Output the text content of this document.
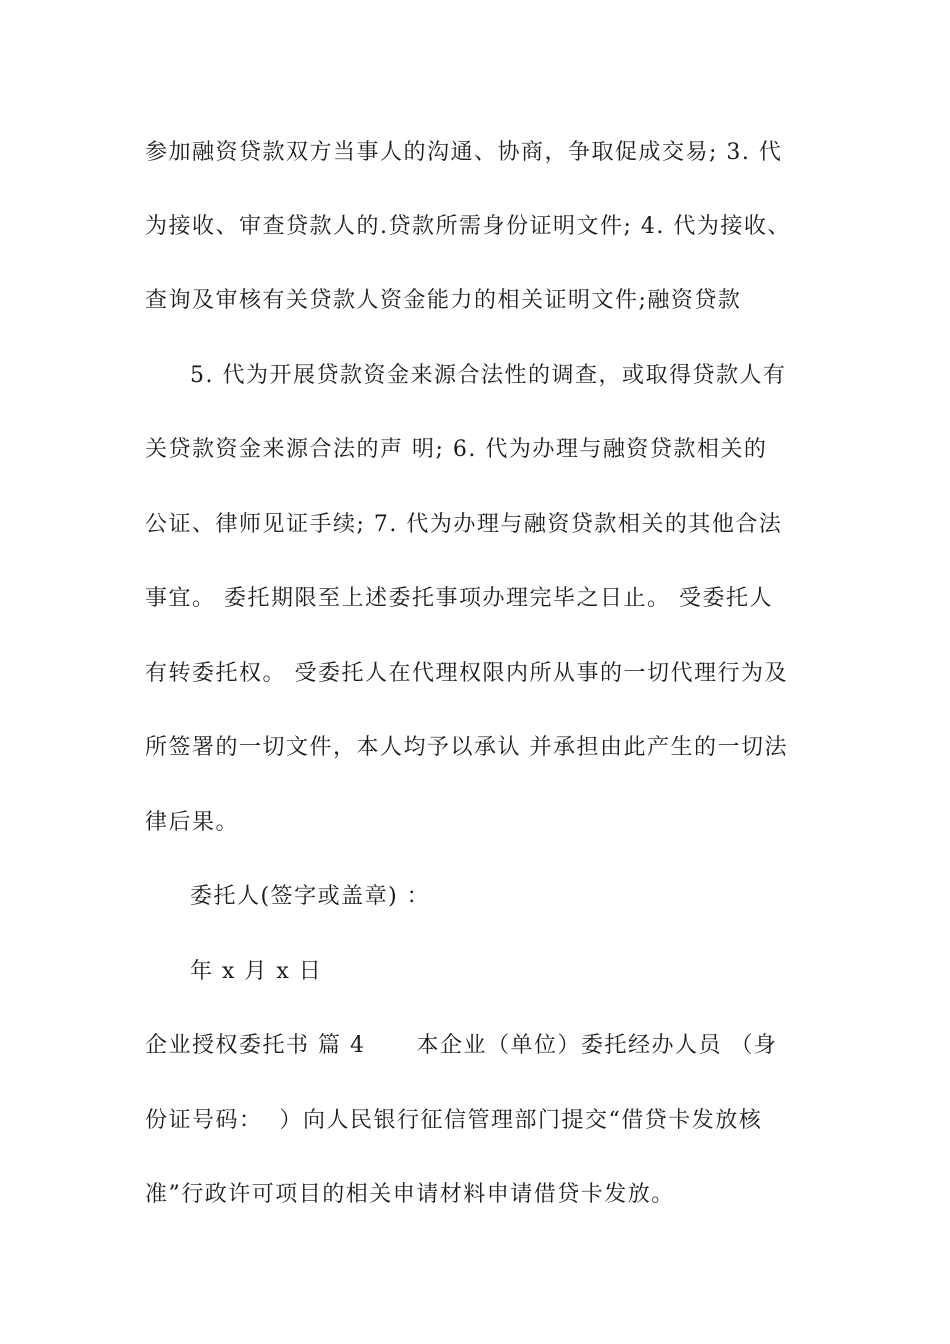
参加融资贷款双方当事人的沟通、协商，争取促成交易; 3. 代
为接收、审查贷款人的.贷款所需身份证明文件; 4. 代为接收、
查询及审核有关贷款人资金能力的相关证明文件;融资贷款
5. 代为开展贷款资金来源合法性的调查，或取得贷款人有
关贷款资金来源合法的声 明; 6. 代为办理与融资贷款相关的
公证、律师见证手续; 7. 代为办理与融资贷款相关的其他合法
事宜。 委托期限至上述委托事项办理完毕之日止。 受委托人
有转委托权。 受委托人在代理权限内所从事的一切代理行为及
所签署的一切文件，本人均予以承认 并承担由此产生的一切法
律后果。
委托人(签字或盖章) ：
年 x 月 x 日
企业授权委托书 篇 4      本企业（单位）委托经办人员 （身
份证号码：  ）向人民银行征信管理部门提交“借贷卡发放核
准”行政许可项目的相关申请材料申请借贷卡发放。
